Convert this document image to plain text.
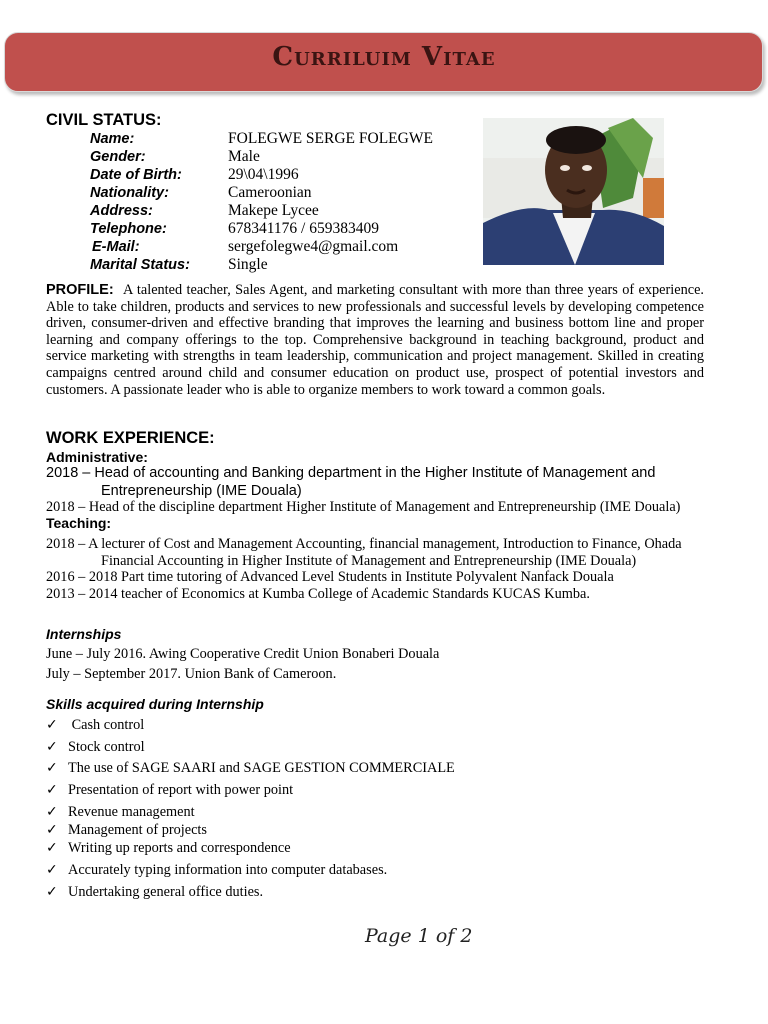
Curriluim Vitae
CIVIL STATUS:
Name:	FOLEGWE SERGE FOLEGWE
Gender:	Male
Date of Birth:	29\04\1996
Nationality:	Cameroonian
Address:	Makepe Lycee
Telephone:	678341176 / 659383409
E-Mail:	sergefolegwe4@gmail.com
Marital Status: Single
PROFILE: A talented teacher, Sales Agent, and marketing consultant with more than three years of experience. Able to take children, products and services to new professionals and successful levels by developing competence driven, consumer-driven and effective branding that improves the learning and business bottom line and proper learning and company offerings to the top. Comprehensive background in teaching background, product and service marketing with strengths in team leadership, communication and project management. Skilled in creating campaigns centred around child and consumer education on product use, prospect of potential investors and customers. A passionate leader who is able to organize members to work toward a common goals.
WORK EXPERIENCE:
Administrative:
2018 – Head of accounting and Banking department in the Higher Institute of Management and
Entrepreneurship (IME Douala)
2018 – Head of the discipline department Higher Institute of Management and Entrepreneurship (IME Douala)
Teaching:
2018 – A lecturer of Cost and Management Accounting, financial management, Introduction to Finance, Ohada
Financial Accounting in Higher Institute of Management and Entrepreneurship (IME Douala)
2016 – 2018 Part time tutoring of Advanced Level Students in Institute Polyvalent Nanfack Douala
2013 – 2014 teacher of Economics at Kumba College of Academic Standards KUCAS Kumba.
Internships
June – July 2016. Awing Cooperative Credit Union Bonaberi Douala
July – September 2017. Union Bank of Cameroon.
Skills acquired during Internship
✓ Cash control
✓ Stock control
✓ The use of SAGE SAARI and SAGE GESTION COMMERCIALE
✓ Presentation of report with power point
✓ Revenue management
✓ Management of projects
✓ Writing up reports and correspondence
✓ Accurately typing information into computer databases.
✓ Undertaking general office duties.
Page 1 of 2
